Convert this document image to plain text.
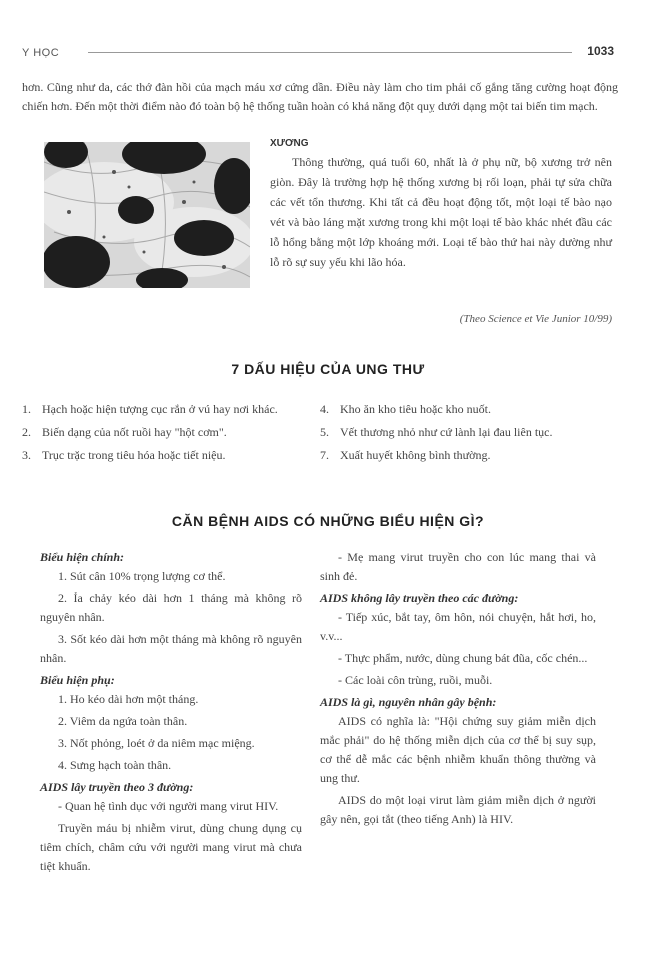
Y HỌC	1033

hơn. Cũng như da, các thớ đàn hồi của mạch máu xơ cứng dần. Điều này làm cho tim phải cố gắng tăng cường hoạt động chiến hơn. Đến một thời điểm nào đó toàn bộ hệ thống tuần hoàn có khả năng đột quỵ dưới dạng một tai biến tim mạch.

XƯƠNG

Thông thường, quá tuổi 60, nhất là ở phụ nữ, bộ xương trở nên giòn. Đây là trường hợp hệ thống xương bị rối loạn, phải tự sửa chữa các vết tổn thương. Khi tất cả đều hoạt động tốt, một loại tế bào nạo vét và bào láng mặt xương trong khi một loại tế bào khác nhét đầu các lỗ hổng bằng một lớp khoáng mới. Loại tế bào thứ hai này dường như lỗ rõ sự suy yếu khi lão hóa.

(Theo Science et Vie Junior 10/99)
7 DẤU HIỆU CỦA UNG THƯ
1. Hạch hoặc hiện tượng cục rắn ở vú hay nơi khác.
2. Biến dạng của nốt ruồi hay "hột cơm".
3. Trục trặc trong tiêu hóa hoặc tiết niệu.
4. Kho ăn kho tiêu hoặc kho nuốt.
5. Vết thương nhỏ như cứ lành lại đau liên tục.
7. Xuất huyết không bình thường.
CĂN BỆNH AIDS CÓ NHỮNG BIỂU HIỆN GÌ?

Biểu hiện chính:

1. Sút cân 10% trọng lượng cơ thể.

2. Ỉa chảy kéo dài hơn 1 tháng mà không rõ nguyên nhân.

3. Sốt kéo dài hơn một tháng mà không rõ nguyên nhân.

Biểu hiện phụ:

1. Ho kéo dài hơn một tháng.

2. Viêm da ngứa toàn thân.

3. Nốt phỏng, loét ở da niêm mạc miệng.

4. Sưng hạch toàn thân.

AIDS lây truyền theo 3 đường:

- Quan hệ tình dục với người mang virut HIV.

Truyền máu bị nhiễm virut, dùng chung dụng cụ tiêm chích, châm cứu với người mang virut mà chưa tiệt khuẩn.

- Mẹ mang virut truyền cho con lúc mang thai và sinh đẻ.

AIDS không lây truyền theo các đường:

- Tiếp xúc, bắt tay, ôm hôn, nói chuyện, hắt hơi, ho, v.v...

- Thực phẩm, nước, dùng chung bát đũa, cốc chén...

- Các loài côn trùng, ruồi, muỗi.

AIDS là gì, nguyên nhân gây bệnh:

AIDS có nghĩa là: "Hội chứng suy giảm miễn dịch mắc phải" do hệ thống miễn dịch của cơ thể bị suy sụp, cơ thể dễ mắc các bệnh nhiễm khuẩn thông thường và ung thư.

AIDS do một loại virut làm giảm miễn dịch ở người gây nên, gọi tắt (theo tiếng Anh) là HIV.
